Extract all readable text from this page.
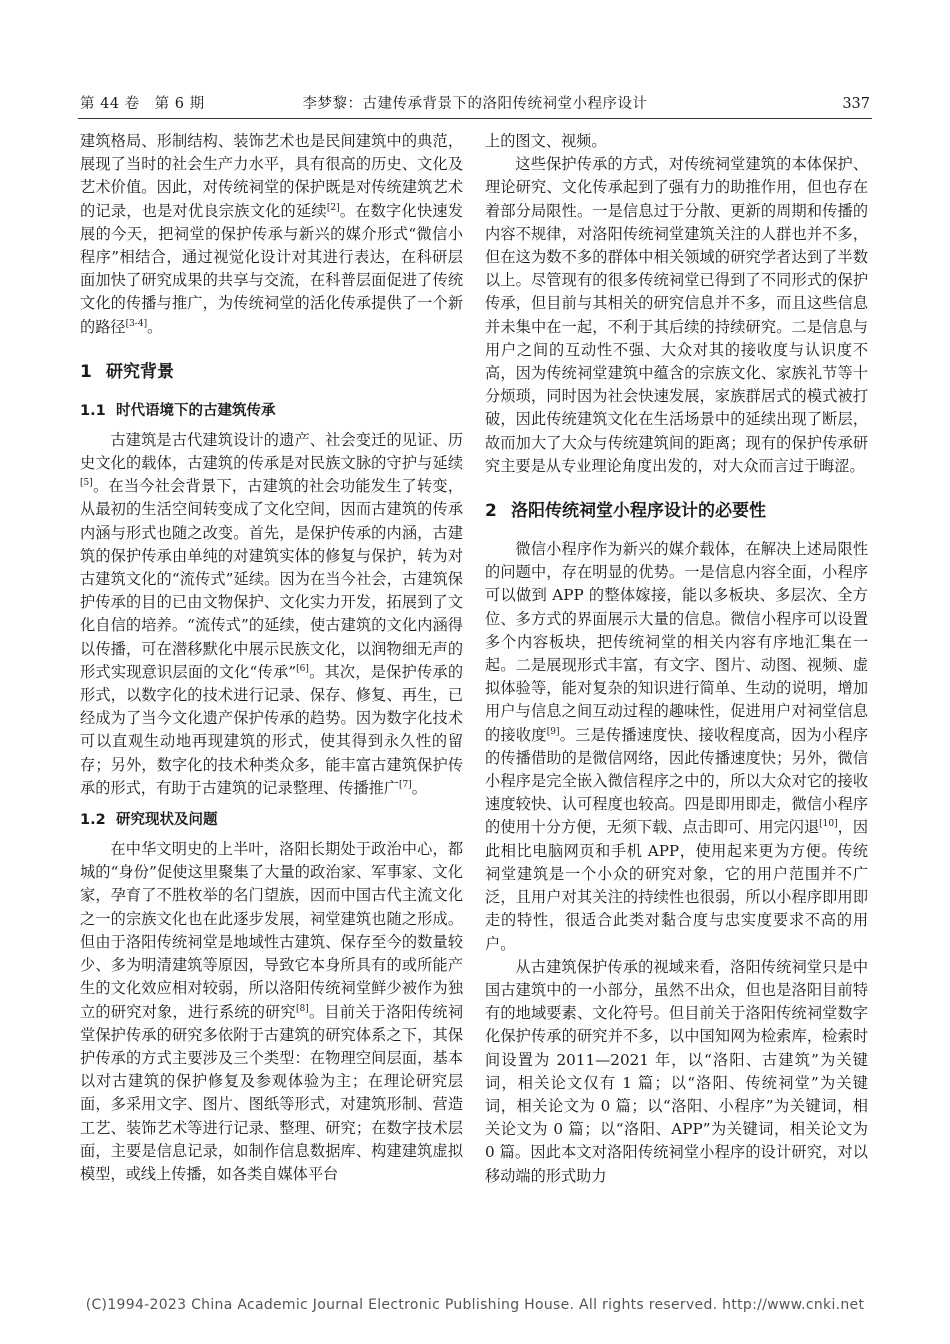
第 44 卷　第 6 期	李梦黎：古建传承背景下的洛阳传统祠堂小程序设计	337

建筑格局、形制结构、装饰艺术也是民间建筑中的典范，展现了当时的社会生产力水平，具有很高的历史、文化及艺术价值。因此，对传统祠堂的保护既是对传统建筑艺术的记录，也是对优良宗族文化的延续[2]。在数字化快速发展的今天，把祠堂的保护传承与新兴的媒介形式“微信小程序”相结合，通过视觉化设计对其进行表达，在科研层面加快了研究成果的共享与交流，在科普层面促进了传统文化的传播与推广，为传统祠堂的活化传承提供了一个新的路径[3-4]。

1 研究背景
1.1 时代语境下的古建筑传承

古建筑是古代建筑设计的遗产、社会变迁的见证、历史文化的载体，古建筑的传承是对民族文脉的守护与延续[5]。在当今社会背景下，古建筑的社会功能发生了转变，从最初的生活空间转变成了文化空间，因而古建筑的传承内涵与形式也随之改变。首先，是保护传承的内涵，古建筑的保护传承由单纯的对建筑实体的修复与保护，转为对古建筑文化的“流传式”延续。因为在当今社会，古建筑保护传承的目的已由文物保护、文化实力开发，拓展到了文化自信的培养。“流传式”的延续，使古建筑的文化内涵得以传播，可在潜移默化中展示民族文化，以润物细无声的形式实现意识层面的文化“传承”[6]。其次，是保护传承的形式，以数字化的技术进行记录、保存、修复、再生，已经成为了当今文化遗产保护传承的趋势。因为数字化技术可以直观生动地再现建筑的形式，使其得到永久性的留存；另外，数字化的技术种类众多，能丰富古建筑保护传承的形式，有助于古建筑的记录整理、传播推广[7]。

1.2 研究现状及问题

在中华文明史的上半叶，洛阳长期处于政治中心，都城的“身份”促使这里聚集了大量的政治家、军事家、文化家，孕育了不胜枚举的名门望族，因而中国古代主流文化之一的宗族文化也在此逐步发展，祠堂建筑也随之形成。但由于洛阳传统祠堂是地域性古建筑、保存至今的数量较少、多为明清建筑等原因，导致它本身所具有的或所能产生的文化效应相对较弱，所以洛阳传统祠堂鲜少被作为独立的研究对象，进行系统的研究[8]。目前关于洛阳传统祠堂保护传承的研究多依附于古建筑的研究体系之下，其保护传承的方式主要涉及三个类型：在物理空间层面，基本以对古建筑的保护修复及参观体验为主；在理论研究层面，多采用文字、图片、图纸等形式，对建筑形制、营造工艺、装饰艺术等进行记录、整理、研究；在数字技术层面，主要是信息记录，如制作信息数据库、构建建筑虚拟模型，或线上传播，如各类自媒体平台

上的图文、视频。

这些保护传承的方式，对传统祠堂建筑的本体保护、理论研究、文化传承起到了强有力的助推作用，但也存在着部分局限性。一是信息过于分散、更新的周期和传播的内容不规律，对洛阳传统祠堂建筑关注的人群也并不多，但在这为数不多的群体中相关领域的研究学者达到了半数以上。尽管现有的很多传统祠堂已得到了不同形式的保护传承，但目前与其相关的研究信息并不多，而且这些信息并未集中在一起，不利于其后续的持续研究。二是信息与用户之间的互动性不强、大众对其的接收度与认识度不高，因为传统祠堂建筑中蕴含的宗族文化、家族礼节等十分烦琐，同时因为社会快速发展，家族群居式的模式被打破，因此传统建筑文化在生活场景中的延续出现了断层，故而加大了大众与传统建筑间的距离；现有的保护传承研究主要是从专业理论角度出发的，对大众而言过于晦涩。

2 洛阳传统祠堂小程序设计的必要性

微信小程序作为新兴的媒介载体，在解决上述局限性的问题中，存在明显的优势。一是信息内容全面，小程序可以做到 APP 的整体嫁接，能以多板块、多层次、全方位、多方式的界面展示大量的信息。微信小程序可以设置多个内容板块，把传统祠堂的相关内容有序地汇集在一起。二是展现形式丰富，有文字、图片、动图、视频、虚拟体验等，能对复杂的知识进行简单、生动的说明，增加用户与信息之间互动过程的趣味性，促进用户对祠堂信息的接收度[9]。三是传播速度快、接收程度高，因为小程序的传播借助的是微信网络，因此传播速度快；另外，微信小程序是完全嵌入微信程序之中的，所以大众对它的接收速度较快、认可程度也较高。四是即用即走，微信小程序的使用十分方便，无须下载、点击即可、用完闪退[10]，因此相比电脑网页和手机 APP，使用起来更为方便。传统祠堂建筑是一个小众的研究对象，它的用户范围并不广泛，且用户对其关注的持续性也很弱，所以小程序即用即走的特性，很适合此类对黏合度与忠实度要求不高的用户。

从古建筑保护传承的视域来看，洛阳传统祠堂只是中国古建筑中的一小部分，虽然不出众，但也是洛阳目前特有的地域要素、文化符号。但目前关于洛阳传统祠堂数字化保护传承的研究并不多，以中国知网为检索库，检索时间设置为 2011—2021 年，以“洛阳、古建筑”为关键词，相关论文仅有 1 篇；以“洛阳、传统祠堂”为关键词，相关论文为 0 篇；以“洛阳、小程序”为关键词，相关论文为 0 篇；以“洛阳、APP”为关键词，相关论文为 0 篇。因此本文对洛阳传统祠堂小程序的设计研究，对以移动端的形式助力

(C)1994-2023 China Academic Journal Electronic Publishing House. All rights reserved. http://www.cnki.net
